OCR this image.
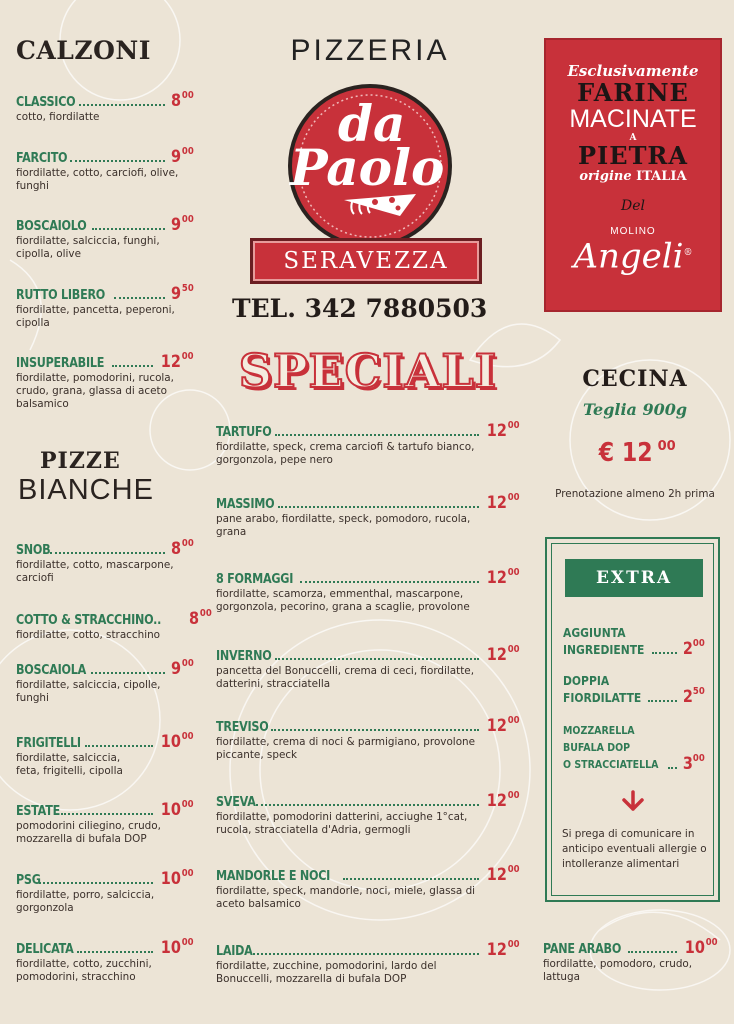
CALZONI
CLASSICO	8 00
cotto, fiordilatte
FARCITO	9 00
fiordilatte, cotto, carciofi, olive, funghi
BOSCAIOLO	9 00
fiordilatte, salciccia, funghi, cipolla, olive
RUTTO LIBERO	9 50
fiordilatte, pancetta, peperoni, cipolla
INSUPERABILE	12 00
fiordilatte, pomodorini, rucola, crudo, grana, glassa di aceto balsamico
PIZZE
BIANCHE
SNOB	8 00
fiordilatte, cotto, mascarpone, carciofi
COTTO & STRACCHINO.. 8 00
fiordilatte, cotto, stracchino
BOSCAIOLA	9 00
fiordilatte, salciccia, cipolle, funghi
FRIGITELLI	10 00
fiordilatte, salciccia, feta, frigitelli, cipolla
ESTATE	10 00
pomodorini ciliegino, crudo, mozzarella di bufala DOP
PSG	10 00
fiordilatte, porro, salciccia, gorgonzola
DELICATA	10 00
fiordilatte, cotto, zucchini, pomodorini, stracchino
PIZZERIA
da
Paolo
SERAVEZZA
TEL. 342 7880503
Esclusivamente
FARINE
MACINATE
A
PIETRA
origine ITALIA
Del
MOLINO
Angeli®
SPECIALI
TARTUFO	12 00
fiordilatte, speck, crema carciofi & tartufo bianco, gorgonzola, pepe nero
MASSIMO	12 00
pane arabo, fiordilatte, speck, pomodoro, rucola, grana
8 FORMAGGI	12 00
fiordilatte, scamorza, emmenthal, mascarpone, gorgonzola, pecorino, grana a scaglie, provolone
INVERNO	12 00
pancetta del Bonuccelli, crema di ceci, fiordilatte, datterini, stracciatella
TREVISO	12 00
fiordilatte, crema di noci & parmigiano, provolone piccante, speck
SVEVA	12 00
fiordilatte, pomodorini datterini, acciughe 1°cat, rucola, stracciatella d'Adria, germogli
MANDORLE E NOCI	12 00
fiordilatte, speck, mandorle, noci, miele, glassa di aceto balsamico
LAIDA	12 00
fiordilatte, zucchine, pomodorini, lardo del Bonuccelli, mozzarella di bufala DOP
CECINA
Teglia 900g
€ 12 00
Prenotazione almeno 2h prima
EXTRA
AGGIUNTA
INGREDIENTE 2 00
DOPPIA
FIORDILATTE 2 50
MOZZARELLA
BUFALA DOP
O STRACCIATELLA 3 00
Si prega di comunicare in anticipo eventuali allergie o intolleranze alimentari
PANE ARABO	10 00
fiordilatte, pomodoro, crudo, lattuga
